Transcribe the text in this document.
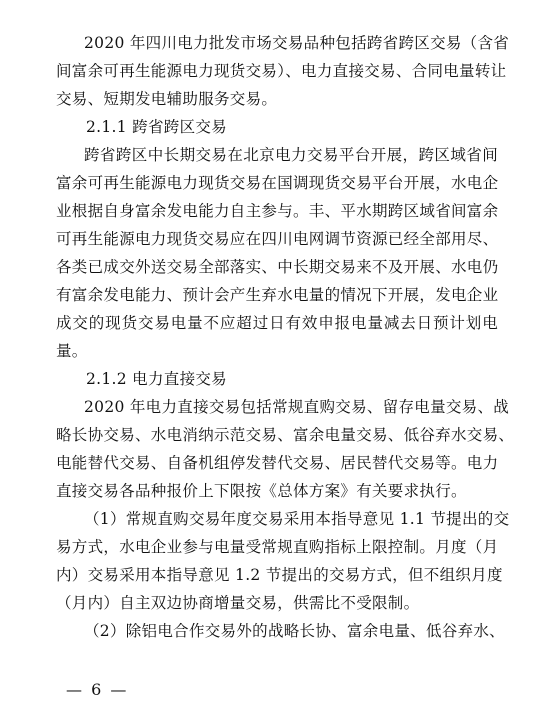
2020 年四川电力批发市场交易品种包括跨省跨区交易（含省
间富余可再生能源电力现货交易）、电力直接交易、合同电量转让
交易、短期发电辅助服务交易。
2.1.1 跨省跨区交易
跨省跨区中长期交易在北京电力交易平台开展，跨区域省间
富余可再生能源电力现货交易在国调现货交易平台开展，水电企
业根据自身富余发电能力自主参与。丰、平水期跨区域省间富余
可再生能源电力现货交易应在四川电网调节资源已经全部用尽、
各类已成交外送交易全部落实、中长期交易来不及开展、水电仍
有富余发电能力、预计会产生弃水电量的情况下开展，发电企业
成交的现货交易电量不应超过日有效申报电量减去日预计划电
量。
2.1.2 电力直接交易
2020 年电力直接交易包括常规直购交易、留存电量交易、战
略长协交易、水电消纳示范交易、富余电量交易、低谷弃水交易、
电能替代交易、自备机组停发替代交易、居民替代交易等。电力
直接交易各品种报价上下限按《总体方案》有关要求执行。
（1）常规直购交易年度交易采用本指导意见 1.1 节提出的交
易方式，水电企业参与电量受常规直购指标上限控制。月度（月
内）交易采用本指导意见 1.2 节提出的交易方式，但不组织月度
（月内）自主双边协商增量交易，供需比不受限制。
（2）除铝电合作交易外的战略长协、富余电量、低谷弃水、
— 6 —
